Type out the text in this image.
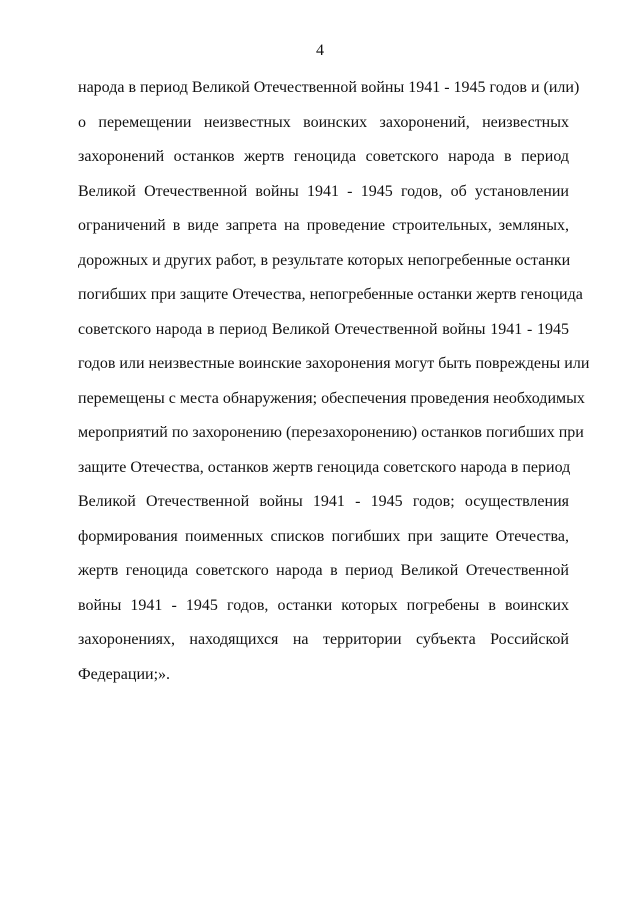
4
народа в период Великой Отечественной войны 1941 - 1945 годов и (или)
о перемещении неизвестных воинских захоронений, неизвестных
захоронений останков жертв геноцида советского народа в период
Великой Отечественной войны 1941 - 1945 годов, об установлении
ограничений в виде запрета на проведение строительных, земляных,
дорожных и других работ, в результате которых непогребенные останки
погибших при защите Отечества, непогребенные останки жертв геноцида
советского народа в период Великой Отечественной войны 1941 - 1945
годов или неизвестные воинские захоронения могут быть повреждены или
перемещены с места обнаружения; обеспечения проведения необходимых
мероприятий по захоронению (перезахоронению) останков погибших при
защите Отечества, останков жертв геноцида советского народа в период
Великой Отечественной войны 1941 - 1945 годов; осуществления
формирования поименных списков погибших при защите Отечества,
жертв геноцида советского народа в период Великой Отечественной
войны 1941 - 1945 годов, останки которых погребены в воинских
захоронениях, находящихся на территории субъекта Российской
Федерации;».
